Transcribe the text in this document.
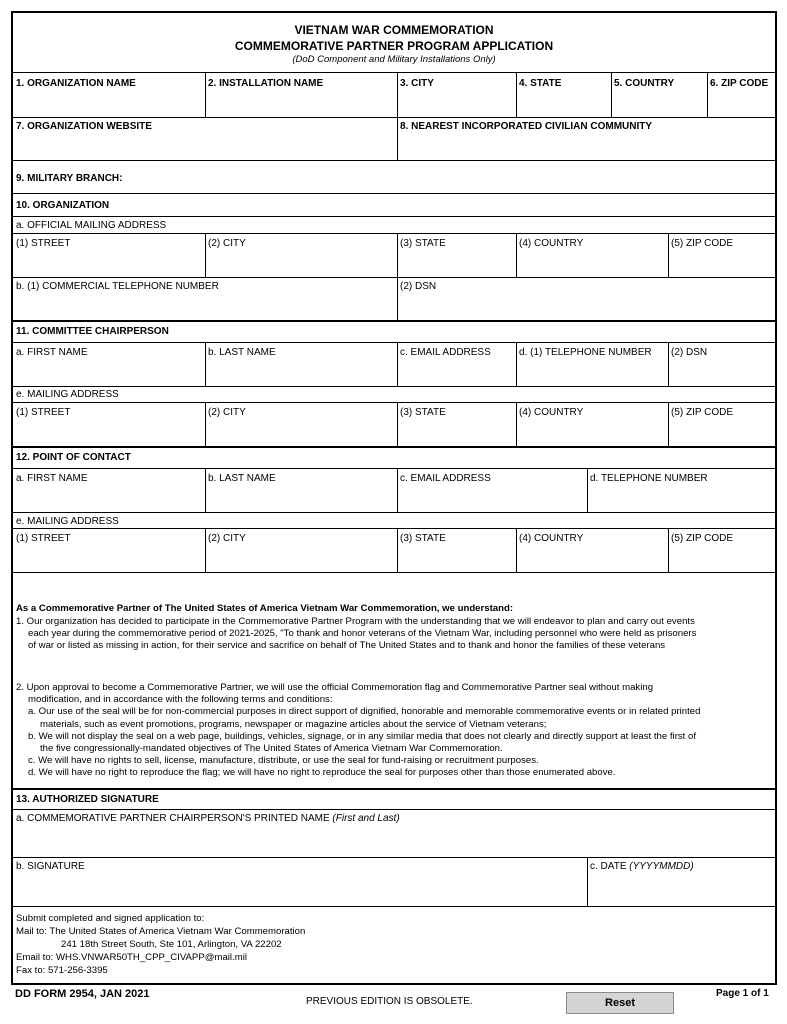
VIETNAM WAR COMMEMORATION
COMMEMORATIVE PARTNER PROGRAM APPLICATION
(DoD Component and Military Installations Only)
1. ORGANIZATION NAME	2. INSTALLATION NAME	3. CITY	4. STATE	5. COUNTRY	6. ZIP CODE
7. ORGANIZATION WEBSITE	8. NEAREST INCORPORATED CIVILIAN COMMUNITY
9. MILITARY BRANCH:
10. ORGANIZATION
a. OFFICIAL MAILING ADDRESS
(1) STREET	(2) CITY	(3) STATE	(4) COUNTRY	(5) ZIP CODE
b. (1) COMMERCIAL TELEPHONE NUMBER	(2) DSN
11. COMMITTEE CHAIRPERSON
a. FIRST NAME	b. LAST NAME	c. EMAIL ADDRESS	d. (1) TELEPHONE NUMBER (2) DSN
e. MAILING ADDRESS
(1) STREET	(2) CITY	(3) STATE	(4) COUNTRY	(5) ZIP CODE
12. POINT OF CONTACT
a. FIRST NAME	b. LAST NAME	c. EMAIL ADDRESS	d. TELEPHONE NUMBER
e. MAILING ADDRESS
(1) STREET	(2) CITY	(3) STATE	(4) COUNTRY	(5) ZIP CODE
As a Commemorative Partner of The United States of America Vietnam War Commemoration, we understand:
1. Our organization has decided to participate in the Commemorative Partner Program with the understanding that we will endeavor to plan and carry out events
each year during the commemorative period of 2021-2025, "To thank and honor veterans of the Vietnam War, including personnel who were held as prisoners
of war or listed as missing in action, for their service and sacrifice on behalf of The United States and to thank and honor the families of these veterans
2. Upon approval to become a Commemorative Partner, we will use the official Commemoration flag and Commemorative Partner seal without making
modification, and in accordance with the following terms and conditions:
a. Our use of the seal will be for non-commercial purposes in direct support of dignified, honorable and memorable commemorative events or in related printed
materials, such as event promotions, programs, newspaper or magazine articles about the service of Vietnam veterans;
b. We will not display the seal on a web page, buildings, vehicles, signage, or in any similar media that does not clearly and directly support at least the first of
the five congressionally-mandated objectives of The United States of America Vietnam War Commemoration.
c. We will have no rights to sell, license, manufacture, distribute, or use the seal for fund-raising or recruitment purposes.
d. We will have no right to reproduce the flag; we will have no right to reproduce the seal for purposes other than those enumerated above.
13. AUTHORIZED SIGNATURE
a. COMMEMORATIVE PARTNER CHAIRPERSON'S PRINTED NAME (First and Last)
b. SIGNATURE	c. DATE (YYYYMMDD)
Submit completed and signed application to:
Mail to: The United States of America Vietnam War Commemoration
241 18th Street South, Ste 101, Arlington, VA 22202
Email to: WHS.VNWAR50TH_CPP_CIVAPP@mail.mil
Fax to: 571-256-3395
DD FORM 2954, JAN 2021
PREVIOUS EDITION IS OBSOLETE.	Reset
Page 1 of 1
